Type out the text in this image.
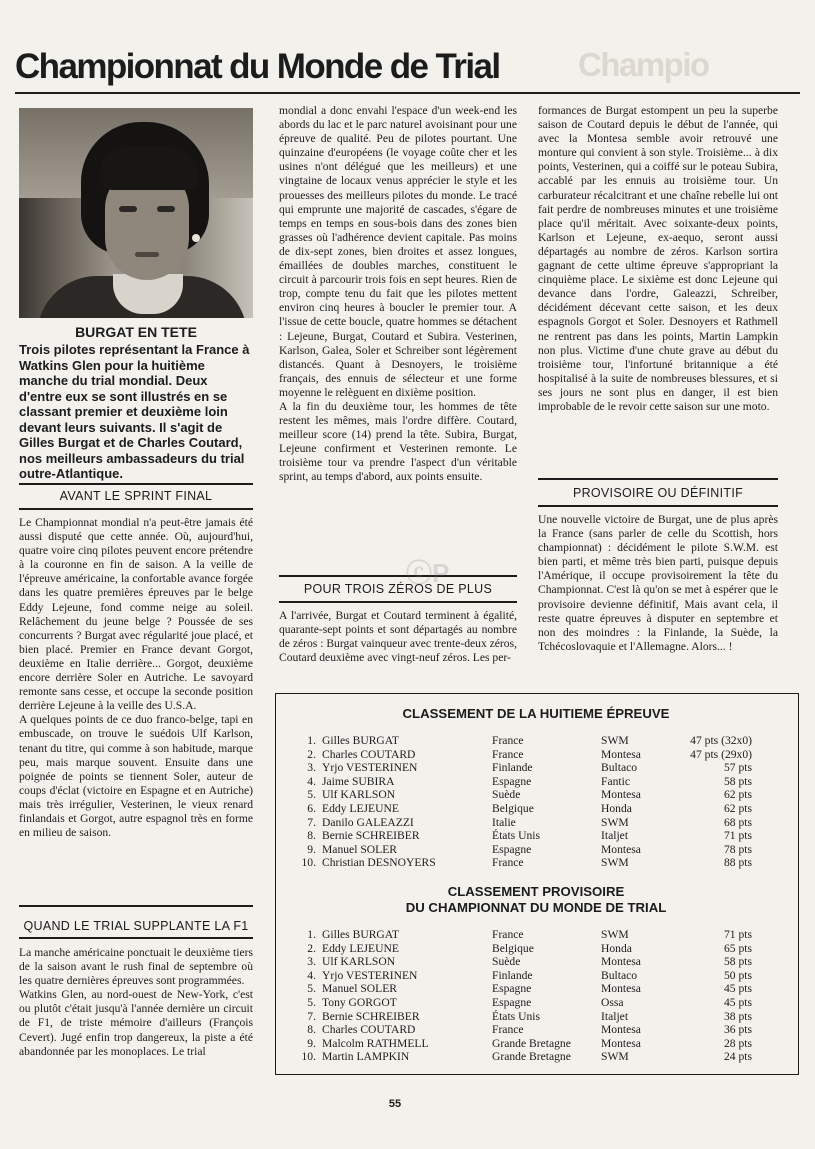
Champio
Championnat du Monde de Trial
BURGAT EN TETE
Trois pilotes représentant la France à Watkins Glen pour la huitième manche du trial mondial. Deux d'entre eux se sont illustrés en se classant premier et deuxième loin devant leurs suivants. Il s'agit de Gilles Burgat et de Charles Coutard, nos meilleurs ambassadeurs du trial outre-Atlantique.
AVANT LE SPRINT FINAL

Le Championnat mondial n'a peut-être jamais été aussi disputé que cette année. Où, aujourd'hui, quatre voire cinq pilotes peuvent encore prétendre à la couronne en fin de saison. A la veille de l'épreuve américaine, la confortable avance forgée dans les quatre premières épreuves par le belge Eddy Lejeune, fond comme neige au soleil. Relâchement du jeune belge ? Poussée de ses concurrents ? Burgat avec régularité joue placé, et bien placé. Premier en France devant Gorgot, deuxième en Italie derrière... Gorgot, deuxième encore derrière Soler en Autriche. Le savoyard remonte sans cesse, et occupe la seconde position derrière Lejeune à la veille des U.S.A.

A quelques points de ce duo franco-belge, tapi en embuscade, on trouve le suédois Ulf Karlson, tenant du titre, qui comme à son habitude, marque peu, mais marque souvent. Ensuite dans une poignée de points se tiennent Soler, auteur de coups d'éclat (victoire en Espagne et en Autriche) mais très irrégulier, Vesterinen, le vieux renard finlandais et Gorgot, autre espagnol très en forme en milieu de saison.

QUAND LE TRIAL SUPPLANTE LA F1

La manche américaine ponctuait le deuxième tiers de la saison avant le rush final de septembre où les quatre dernières épreuves sont programmées.

Watkins Glen, au nord-ouest de New-York, c'est ou plutôt c'était jusqu'à l'année dernière un circuit de F1, de triste mémoire d'ailleurs (François Cevert). Jugé enfin trop dangereux, la piste a été abandonnée par les monoplaces. Le trial

mondial a donc envahi l'espace d'un week-end les abords du lac et le parc naturel avoisinant pour une épreuve de qualité. Peu de pilotes pourtant. Une quinzaine d'européens (le voyage coûte cher et les usines n'ont délégué que les meilleurs) et une vingtaine de locaux venus apprécier le style et les prouesses des meilleurs pilotes du monde. Le tracé qui emprunte une majorité de cascades, s'égare de temps en temps en sous-bois dans des zones bien grasses où l'adhérence devient capitale. Pas moins de dix-sept zones, bien droites et assez longues, émaillées de doubles marches, constituent le circuit à parcourir trois fois en sept heures. Rien de trop, compte tenu du fait que les pilotes mettent environ cinq heures à boucler le premier tour. A l'issue de cette boucle, quatre hommes se détachent : Lejeune, Burgat, Coutard et Subira. Vesterinen, Karlson, Galea, Soler et Schreiber sont légèrement distancés. Quant à Desnoyers, le troisième français, des ennuis de sélecteur et une forme moyenne le relèguent en dixième position.

A la fin du deuxième tour, les hommes de tête restent les mêmes, mais l'ordre diffère. Coutard, meilleur score (14) prend la tête. Subira, Burgat, Lejeune confirment et Vesterinen remonte. Le troisième tour va prendre l'aspect d'un véritable sprint, au temps d'abord, aux points ensuite.

POUR TROIS ZÉROS DE PLUS

A l'arrivée, Burgat et Coutard terminent à égalité, quarante-sept points et sont départagés au nombre de zéros : Burgat vainqueur avec trente-deux zéros, Coutard deuxième avec vingt-neuf zéros. Les per-

ⓒP

formances de Burgat estompent un peu la superbe saison de Coutard depuis le début de l'année, qui avec la Montesa semble avoir retrouvé une monture qui convient à son style. Troisième... à dix points, Vesterinen, qui a coiffé sur le poteau Subira, accablé par les ennuis au troisième tour. Un carburateur récalcitrant et une chaîne rebelle lui ont fait perdre de nombreuses minutes et une troisième place qu'il méritait. Avec soixante-deux points, Karlson et Lejeune, ex-aequo, seront aussi départagés au nombre de zéros. Karlson sortira gagnant de cette ultime épreuve s'appropriant la cinquième place. Le sixième est donc Lejeune qui devance dans l'ordre, Galeazzi, Schreiber, décidément décevant cette saison, et les deux espagnols Gorgot et Soler. Desnoyers et Rathmell ne rentrent pas dans les points, Martin Lampkin non plus. Victime d'une chute grave au début du troisième tour, l'infortuné britannique a été hospitalisé à la suite de nombreuses blessures, et si ses jours ne sont plus en danger, il est bien improbable de le revoir cette saison sur une moto.

PROVISOIRE OU DÉFINITIF

Une nouvelle victoire de Burgat, une de plus après la France (sans parler de celle du Scottish, hors championnat) : décidément le pilote S.W.M. est bien parti, et même très bien parti, puisque depuis l'Amérique, il occupe provisoirement la tête du Championnat. C'est là qu'on se met à espérer que le provisoire devienne définitif, Mais avant cela, il reste quatre épreuves à disputer en septembre et non des moindres : la Finlande, la Suède, la Tchécoslovaquie et l'Allemagne. Alors... !

CLASSEMENT DE LA HUITIEME ÉPREUVE
1. Gilles BURGAT	France	SWM	47 pts (32x0)
2. Charles COUTARD	France	Montesa	47 pts (29x0)
3. Yrjo VESTERINEN	Finlande	Bultaco	57 pts
4. Jaime SUBIRA	Espagne	Fantic	58 pts
5. Ulf KARLSON	Suède	Montesa	62 pts
6. Eddy LEJEUNE	Belgique	Honda	62 pts
7. Danilo GALEAZZI	Italie	SWM	68 pts
8. Bernie SCHREIBER	États Unis	Italjet	71 pts
9. Manuel SOLER	Espagne	Montesa	78 pts
10. Christian DESNOYERS	France	SWM	88 pts
CLASSEMENT PROVISOIRE
DU CHAMPIONNAT DU MONDE DE TRIAL
1. Gilles BURGAT	France	SWM	71 pts
2. Eddy LEJEUNE	Belgique	Honda	65 pts
3. Ulf KARLSON	Suède	Montesa	58 pts
4. Yrjo VESTERINEN	Finlande	Bultaco	50 pts
5. Manuel SOLER	Espagne	Montesa	45 pts
5. Tony GORGOT	Espagne	Ossa	45 pts
7. Bernie SCHREIBER	États Unis	Italjet	38 pts
8. Charles COUTARD	France	Montesa	36 pts
9. Malcolm RATHMELL	Grande Bretagne	Montesa	28 pts
10. Martin LAMPKIN	Grande Bretagne	SWM	24 pts
55
